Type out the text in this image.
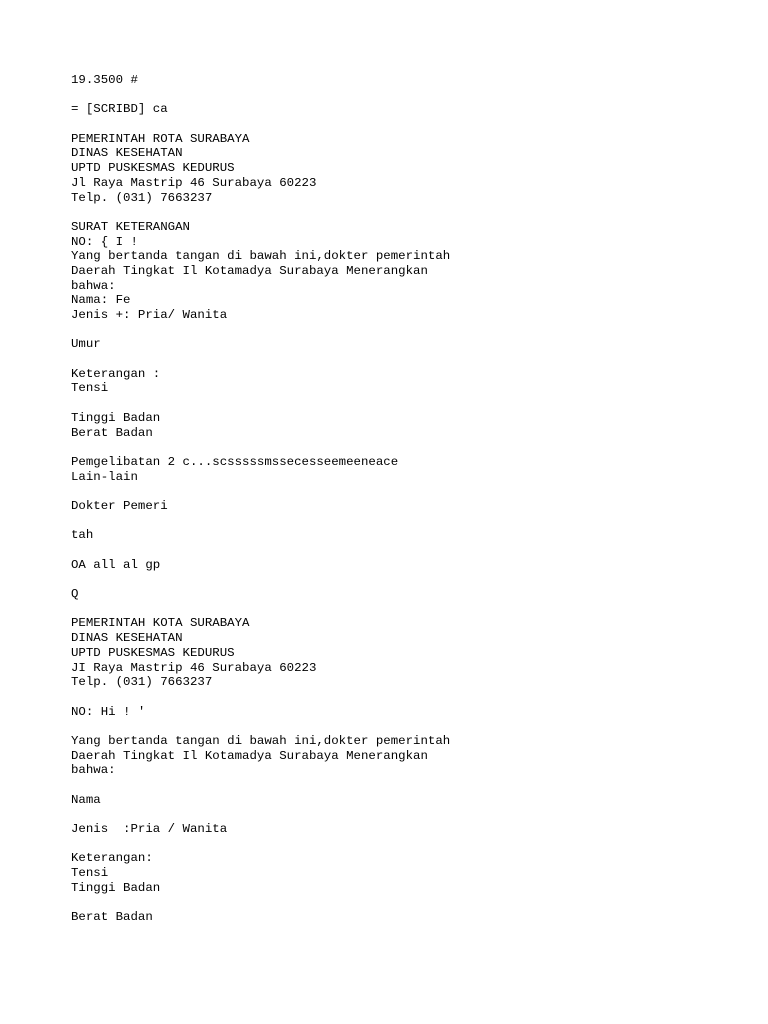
19.3500 #
= [SCRIBD] ca
PEMERINTAH ROTA SURABAYA
DINAS KESEHATAN
UPTD PUSKESMAS KEDURUS
Jl Raya Mastrip 46 Surabaya 60223
Telp. (031) 7663237
SURAT KETERANGAN
NO: { I !
Yang bertanda tangan di bawah ini,dokter pemerintah
Daerah Tingkat Il Kotamadya Surabaya Menerangkan
bahwa:
Nama: Fe
Jenis +: Pria/ Wanita
Umur
Keterangan :
Tensi
Tinggi Badan
Berat Badan
Pemgelibatan 2 c...scsssssmssecesseemeeneace
Lain-lain
Dokter Pemeri
tah
OA all al gp
Q
PEMERINTAH KOTA SURABAYA
DINAS KESEHATAN
UPTD PUSKESMAS KEDURUS
JI Raya Mastrip 46 Surabaya 60223
Telp. (031) 7663237
NO: Hi ! '
Yang bertanda tangan di bawah ini,dokter pemerintah
Daerah Tingkat Il Kotamadya Surabaya Menerangkan
bahwa:
Nama
Jenis  :Pria / Wanita
Keterangan:
Tensi
Tinggi Badan
Berat Badan
